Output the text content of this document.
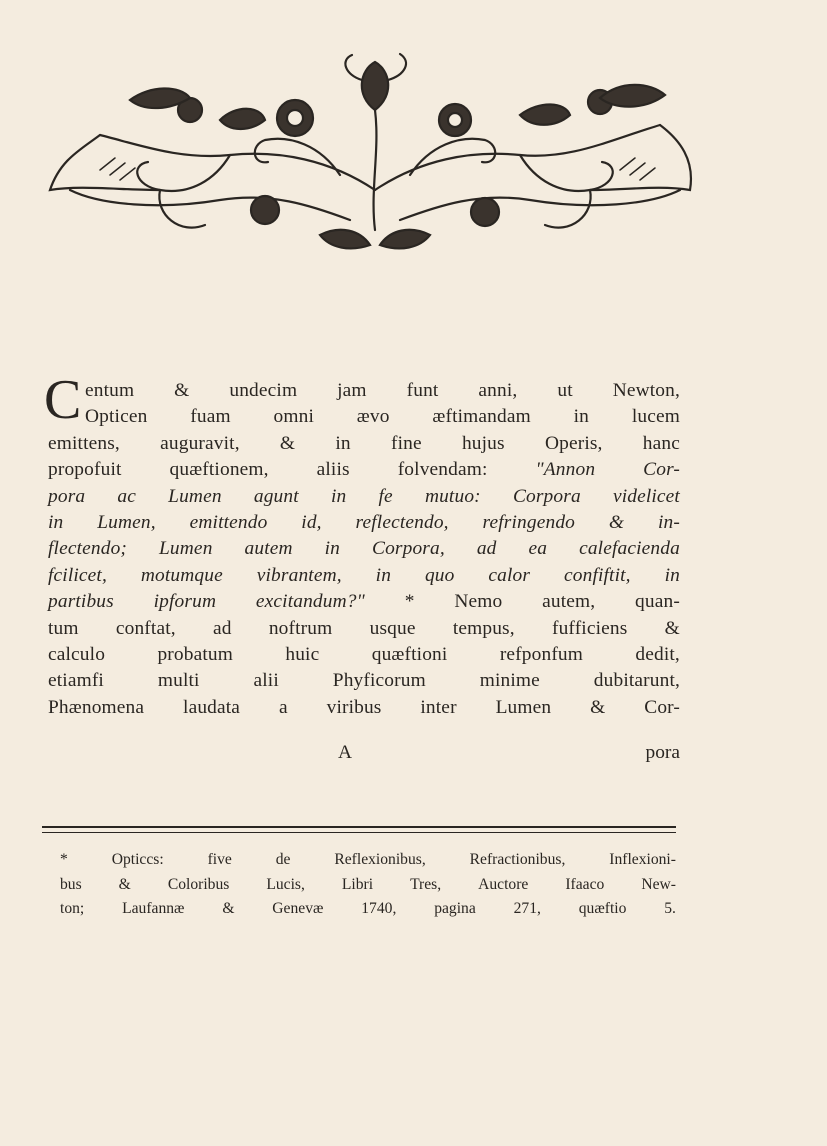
C entum & undecim jam funt anni, ut Newton,
Opticen fuam omni ævo æftimandam in lucem
emittens, auguravit, & in fine hujus Operis, hanc
propofuit quæftionem, aliis folvendam: "Annon Cor-
pora ac Lumen agunt in fe mutuo: Corpora videlicet
in Lumen, emittendo id, reflectendo, refringendo & in-
flectendo; Lumen autem in Corpora, ad ea calefacienda
fcilicet, motumque vibrantem, in quo calor confiftit, in
partibus ipforum excitandum?" * Nemo autem, quan-
tum conftat, ad noftrum usque tempus, fufficiens &
calculo	probatum	huic	quæftioni	refponfum	dedit,
etiamfi	multi	alii	Phyficorum	minime	dubitarunt,
Phænomena laudata a viribus inter Lumen & Cor-
A	pora
*	Opticcs:	five	de	Reflexionibus,	Refractionibus,	Inflexioni-
bus & Coloribus Lucis, Libri Tres, Auctore Ifaaco New-
ton; Laufannæ & Genevæ 1740, pagina 271, quæftio 5.
